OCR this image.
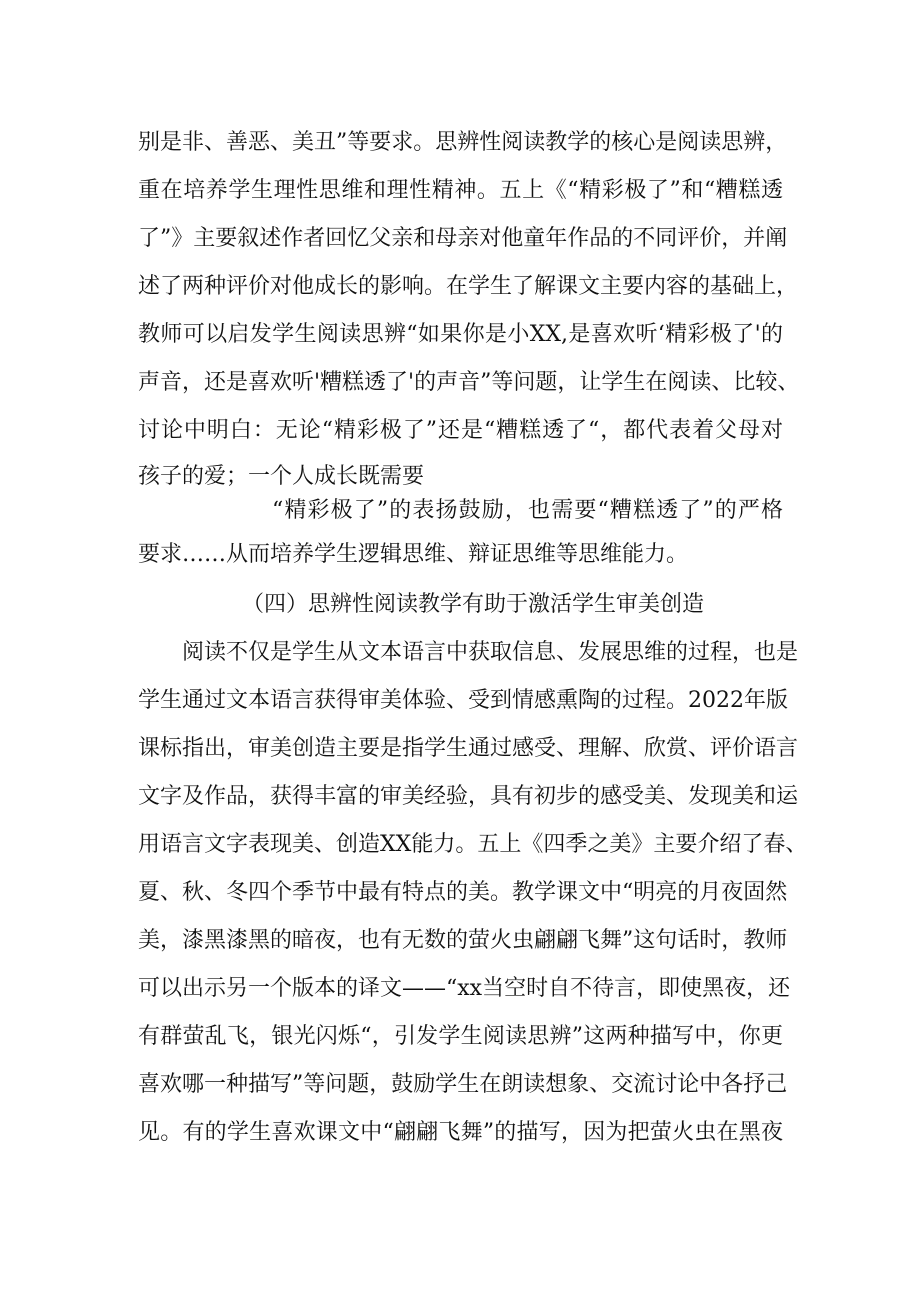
别是非、善恶、美丑”等要求。思辨性阅读教学的核心是阅读思辨，
重在培养学生理性思维和理性精神。五上《“精彩极了”和“糟糕透
了”》主要叙述作者回忆父亲和母亲对他童年作品的不同评价，并阐
述了两种评价对他成长的影响。在学生了解课文主要内容的基础上，
教师可以启发学生阅读思辨“如果你是小XX,是喜欢听‘精彩极了'的
声音，还是喜欢听'糟糕透了'的声音”等问题，让学生在阅读、比较、
讨论中明白：无论“精彩极了”还是“糟糕透了“，都代表着父母对
孩子的爱；一个人成长既需要
“精彩极了”的表扬鼓励，也需要“糟糕透了”的严格
要求……从而培养学生逻辑思维、辩证思维等思维能力。
（四）思辨性阅读教学有助于激活学生审美创造
阅读不仅是学生从文本语言中获取信息、发展思维的过程，也是
学生通过文本语言获得审美体验、受到情感熏陶的过程。2022年版
课标指出，审美创造主要是指学生通过感受、理解、欣赏、评价语言
文字及作品，获得丰富的审美经验，具有初步的感受美、发现美和运
用语言文字表现美、创造XX能力。五上《四季之美》主要介绍了春、
夏、秋、冬四个季节中最有特点的美。教学课文中“明亮的月夜固然
美，漆黑漆黑的暗夜，也有无数的萤火虫翩翩飞舞”这句话时，教师
可以出示另一个版本的译文——“xx当空时自不待言，即使黑夜，还
有群萤乱飞，银光闪烁“，引发学生阅读思辨”这两种描写中，你更
喜欢哪一种描写”等问题，鼓励学生在朗读想象、交流讨论中各抒己
见。有的学生喜欢课文中“翩翩飞舞”的描写，因为把萤火虫在黑夜
